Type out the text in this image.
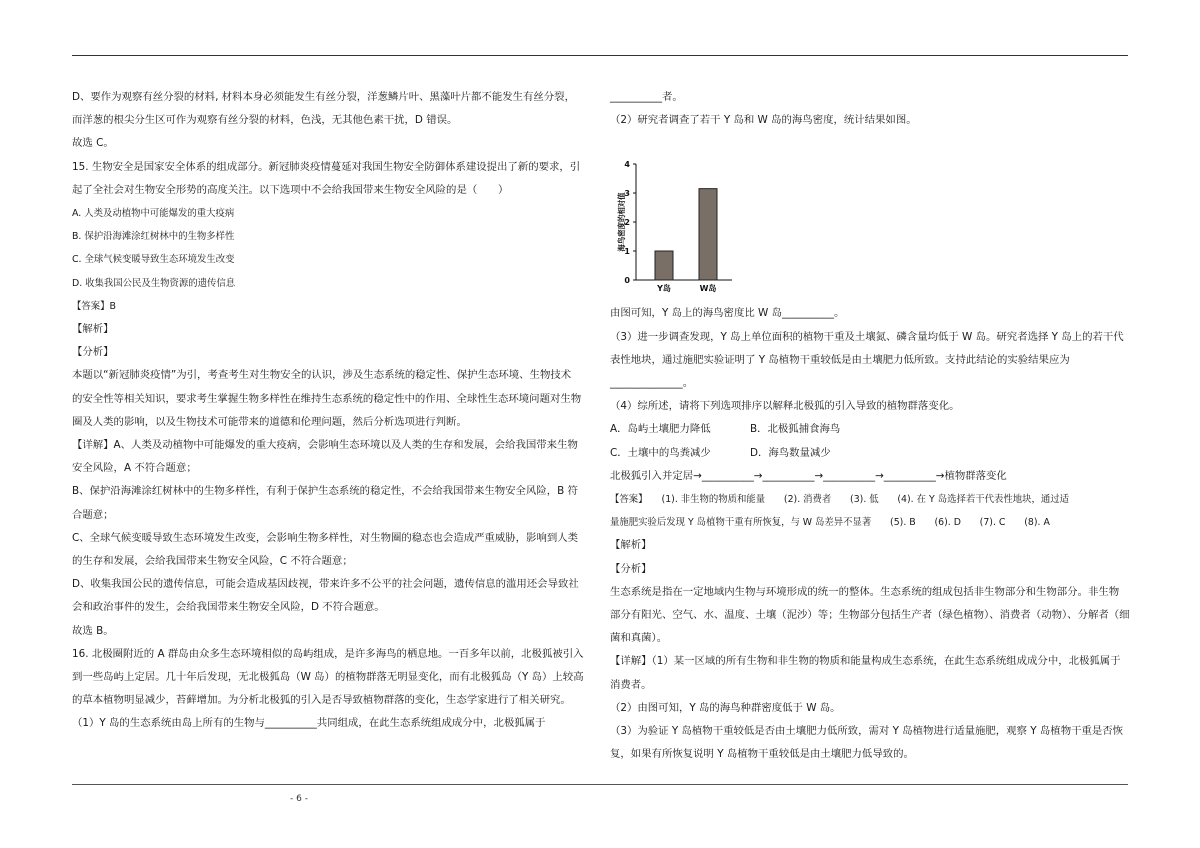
D、要作为观察有丝分裂的材料, 材料本身必须能发生有丝分裂，洋葱鳞片叶、黑藻叶片都不能发生有丝分裂，

而洋葱的根尖分生区可作为观察有丝分裂的材料，色浅，无其他色素干扰，D 错误。

故选 C。

15. 生物安全是国家安全体系的组成部分。新冠肺炎疫情蔓延对我国生物安全防御体系建设提出了新的要求，引

起了全社会对生物安全形势的高度关注。以下选项中不会给我国带来生物安全风险的是（　　）

A. 人类及动植物中可能爆发的重大疫病

B. 保护沿海滩涂红树林中的生物多样性

C. 全球气候变暖导致生态环境发生改变

D. 收集我国公民及生物资源的遗传信息

【答案】B

【解析】

【分析】

本题以“新冠肺炎疫情”为引，考查考生对生物安全的认识，涉及生态系统的稳定性、保护生态环境、生物技术

的安全性等相关知识，要求考生掌握生物多样性在维持生态系统的稳定性中的作用、全球性生态环境问题对生物

圈及人类的影响，以及生物技术可能带来的道德和伦理问题，然后分析选项进行判断。

【详解】A、人类及动植物中可能爆发的重大疫病，会影响生态环境以及人类的生存和发展，会给我国带来生物

安全风险，A 不符合题意；

B、保护沿海滩涂红树林中的生物多样性，有利于保护生态系统的稳定性，不会给我国带来生物安全风险，B 符

合题意；

C、全球气候变暖导致生态环境发生改变，会影响生物多样性，对生物圈的稳态也会造成严重威胁，影响到人类

的生存和发展，会给我国带来生物安全风险，C 不符合题意；

D、收集我国公民的遗传信息，可能会造成基因歧视，带来许多不公平的社会问题，遗传信息的滥用还会导致社

会和政治事件的发生，会给我国带来生物安全风险，D 不符合题意。

故选 B。

16. 北极圈附近的 A 群岛由众多生态环境相似的岛屿组成，是许多海鸟的栖息地。一百多年以前，北极狐被引入

到一些岛屿上定居。几十年后发现，无北极狐岛（W 岛）的植物群落无明显变化，而有北极狐岛（Y 岛）上较高

的草本植物明显减少，苔藓增加。为分析北极狐的引入是否导致植物群落的变化，生态学家进行了相关研究。

（1）Y 岛的生态系统由岛上所有的生物与__________共同组成，在此生态系统组成成分中，北极狐属于

__________者。

（2）研究者调查了若干 Y 岛和 W 岛的海鸟密度，统计结果如图。

0
1
2
3
4
海鸟密度的相对值
Y岛	W岛

由图可知，Y 岛上的海鸟密度比 W 岛__________。

（3）进一步调查发现，Y 岛上单位面积的植物干重及土壤氮、磷含量均低于 W 岛。研究者选择 Y 岛上的若干代

表性地块，通过施肥实验证明了 Y 岛植物干重较低是由土壤肥力低所致。支持此结论的实验结果应为

______________。

（4）综所述，请将下列选项排序以解释北极狐的引入导致的植物群落变化。

A．岛屿土壤肥力降低	B．北极狐捕食海鸟

C．土壤中的鸟粪减少	D．海鸟数量减少

北极狐引入并定居→__________→__________→__________→__________→植物群落变化

【答案】　　(1). 非生物的物质和能量　　(2). 消费者　　(3). 低　　(4). 在 Y 岛选择若干代表性地块，通过适

量施肥实验后发现 Y 岛植物干重有所恢复，与 W 岛差异不显著　　(5). B　　(6). D　　(7). C　　(8). A

【解析】

【分析】

生态系统是指在一定地域内生物与环境形成的统一的整体。生态系统的组成包括非生物部分和生物部分。非生物

部分有阳光、空气、水、温度、土壤（泥沙）等；生物部分包括生产者（绿色植物）、消费者（动物）、分解者（细

菌和真菌）。

【详解】（1）某一区域的所有生物和非生物的物质和能量构成生态系统，在此生态系统组成成分中，北极狐属于

消费者。

（2）由图可知，Y 岛的海鸟种群密度低于 W 岛。

（3）为验证 Y 岛植物干重较低是否由土壤肥力低所致，需对 Y 岛植物进行适量施肥，观察 Y 岛植物干重是否恢

复，如果有所恢复说明 Y 岛植物干重较低是由土壤肥力低导致的。

- 6 -
